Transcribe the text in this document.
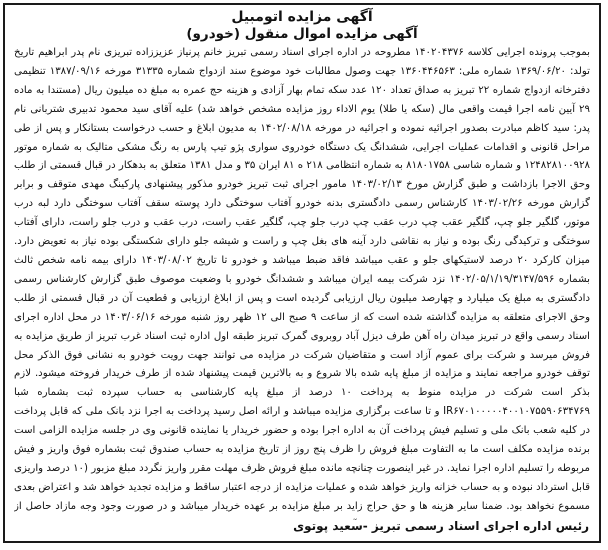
آگهی مزایده اتومبیل

آگهی مزایده اموال منقول (خودرو)

بموجب پرونده اجرایی کلاسه ۱۴۰۲۰۴۳۷۶ مطروحه در اداره اجرای اسناد رسمی تبریز خانم پرنیاز عزیززاده تبریزی نام پدر ابراهیم تاریخ تولد: ۱۳۶۹/۰۶/۲۰ شماره ملی: ۱۳۶۰۴۴۶۵۶۳ جهت وصول مطالبات خود موضوع سند ازدواج شماره ۳۱۳۳۵ مورخه ۱۳۸۷/۰۹/۱۶ تنظیمی دفترخانه ازدواج شماره ۲۲ تبریز به صداق تعداد ۱۲۰ عدد سکه تمام بهار آزادی و هزینه حج عمره به مبلغ ده میلیون ریال (مستندا به ماده ۲۹ آیین نامه اجرا قیمت واقعی مال (سکه یا طلا) یوم الاداء روز مزایده مشخص خواهد شد) علیه آقای سید محمود تدبیری شتربانی نام پدر: سید کاظم مبادرت بصدور اجرائیه نموده و اجرائیه در مورخه ۱۴۰۲/۰۸/۱۸ به مدیون ابلاغ و حسب درخواست بستانکار و پس از طی مراحل قانونی و اقدامات عملیات اجرایی، ششدانگ یک دستگاه خودروی سواری پژو تیپ پارس به رنگ مشکی متالیک به شماره موتور ۱۲۴۸۲۸۱۰۰۹۲۸ و شماره شاسی ۸۱۸۰۱۷۵۸ به شماره انتظامی ۲۱۸ ه ۸۱ ایران ۳۵ و مدل ۱۳۸۱ متعلق به بدهکار در قبال قسمتی از طلب وحق الاجرا بازداشت و طبق گزارش مورخ ۱۴۰۳/۰۲/۱۳ مامور اجرای ثبت تبریز خودرو مذکور پیشنهادی پارکینگ مهدی متوقف و برابر گزارش مورخه ۱۴۰۳/۰۲/۲۶ کارشناس رسمی دادگستری بدنه خودرو آفتاب سوختگی دارد پوسته سقف آفتاب سوختگی دارد لبه درب موتور، گلگیر جلو چپ، گلگیر عقب چپ درب عقب چپ درب جلو چپ، گلگیر عقب راست، درب عقب و درب جلو راست، دارای آفتاب سوختگی و ترکیدگی رنگ بوده و نیاز به نقاشی دارد آینه های بغل چپ و راست و شیشه جلو دارای شکستگی بوده نیاز به تعویض دارد. میزان کارکرد ۲۰ درصد لاستیکهای جلو و عقب میباشد فاقد ضبط میباشد و خودرو تا تاریخ ۱۴۰۳/۰۸/۰۲ دارای بیمه نامه شخص ثالث بشماره ۱۴۰۲/۰۵/۱/۱۹/۳۱۴۷/۵۹۶ نزد شرکت بیمه ایران میباشد و ششدانگ خودرو با وضعیت موصوف طبق گزارش کارشناس رسمی دادگستری به مبلغ یک میلیارد و چهارصد میلیون ریال ارزیابی گردیده است و پس از ابلاغ ارزیابی و قطعیت آن در قبال قسمتی از طلب وحق الاجرای متعلقه به مزایده گذاشته شده است که از ساعت ۹ صبح الی ۱۲ ظهر روز شنبه مورخه ۱۴۰۳/۰۶/۱۶ در محل اداره اجرای اسناد رسمی واقع در تبریز میدان راه آهن طرف دیزل آباد روبروی گمرک تبریز طبقه اول اداره ثبت اسناد غرب تبریز از طریق مزایده به فروش میرسد و شرکت برای عموم آزاد است و متقاضیان شرکت در مزایده می توانند جهت رویت خودرو به نشانی فوق الذکر محل توقف خودرو مراجعه نمایند و مزایده از مبلغ پایه شده بالا شروع و به بالاترین قیمت پیشنهاد شده از طرف خریدار فروخته میشود. لازم بذکر است شرکت در مزایده منوط به پرداخت ۱۰ درصد از مبلغ پایه کارشناسی به حساب سپرده ثبت بشماره شبا IR۶۷۰۱۰۰۰۰۰۴۰۰۱۰۷۵۵۹۰۶۳۴۷۶۹ و تا ساعت برگزاری مزایده میباشد و ارائه اصل رسید پرداخت به اجرا نزد بانک ملی که قابل پرداخت در کلیه شعب بانک ملی و تسلیم فیش پرداخت آن به اداره اجرا بوده و حضور خریدار یا نماینده قانونی وی در جلسه مزایده الزامی است برنده مزایده مکلف است ما به التفاوت مبلغ فروش را ظرف پنج روز از تاریخ مزایده به حساب صندوق ثبت بشماره فوق واریز و فیش مربوطه را تسلیم اداره اجرا نماید. در غیر اینصورت چنانچه مانده مبلغ فروش ظرف مهلت مقرر واریز نگردد مبلغ مزبور (۱۰ درصد واریزی قابل استرداد نبوده و به حساب خزانه واریز خواهد شده و عملیات مزایده از درجه اعتبار ساقط و مزایده تجدید خواهد شد و اعتراض بعدی مسموع نخواهد بود. ضمنا سایر هزینه ها و حق حراج زاید بر مبلغ مزایده بر عهده خریدار میباشد و در صورت وجود وجه مازاد حاصل از

رئیس اداره اجرای اسناد رسمی تبریز -سعید پوتوی
